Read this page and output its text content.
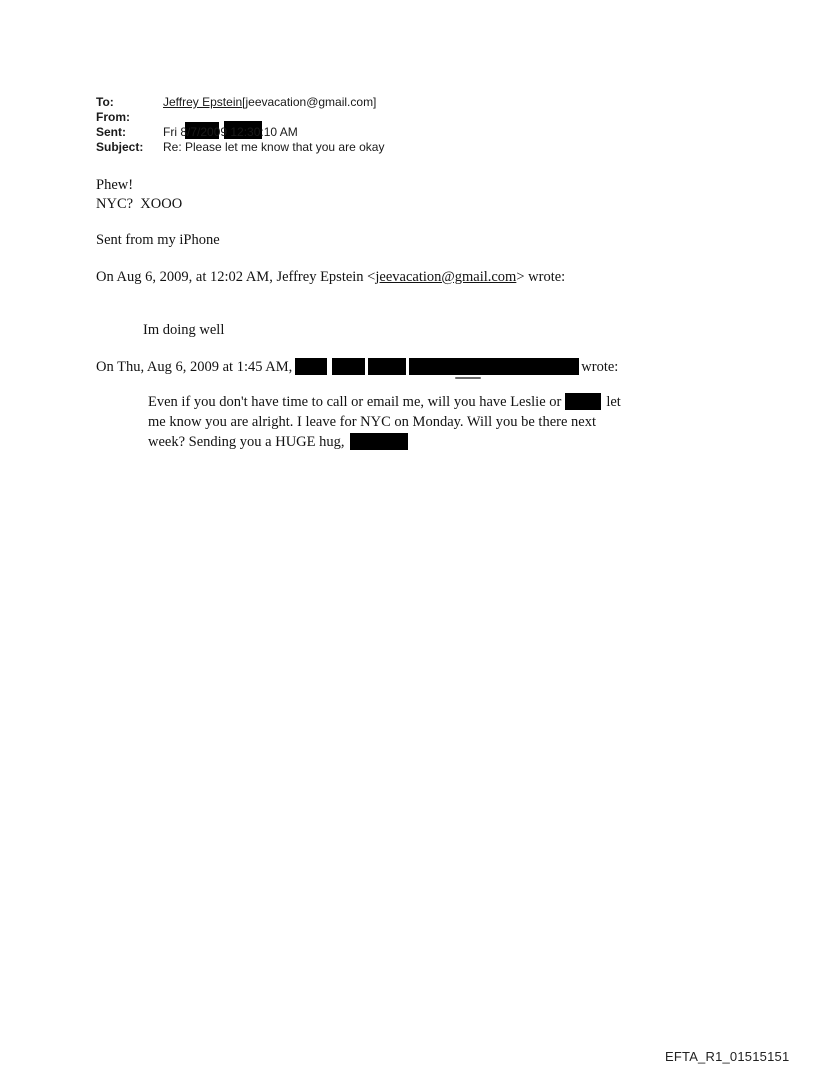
To:	Jeffrey Epstein[jeevacation@gmail.com]
From:

Sent:	Fri 8/7/2009 12:30:10 AM
Subject:	Re: Please let me know that you are okay
Phew!
NYC?  XOOO
Sent from my iPhone
On Aug 6, 2009, at 12:02 AM, Jeffrey Epstein <jeevacation@gmail.com> wrote:
Im doing well
On Thu, Aug 6, 2009 at 1:45 AM,	wrote:
Even if you don't have time to call or email me, will you have Leslie or	let
me know you are alright. I leave for NYC on Monday. Will you be there next
week? Sending you a HUGE hug,
EFTA_R1_01515151
